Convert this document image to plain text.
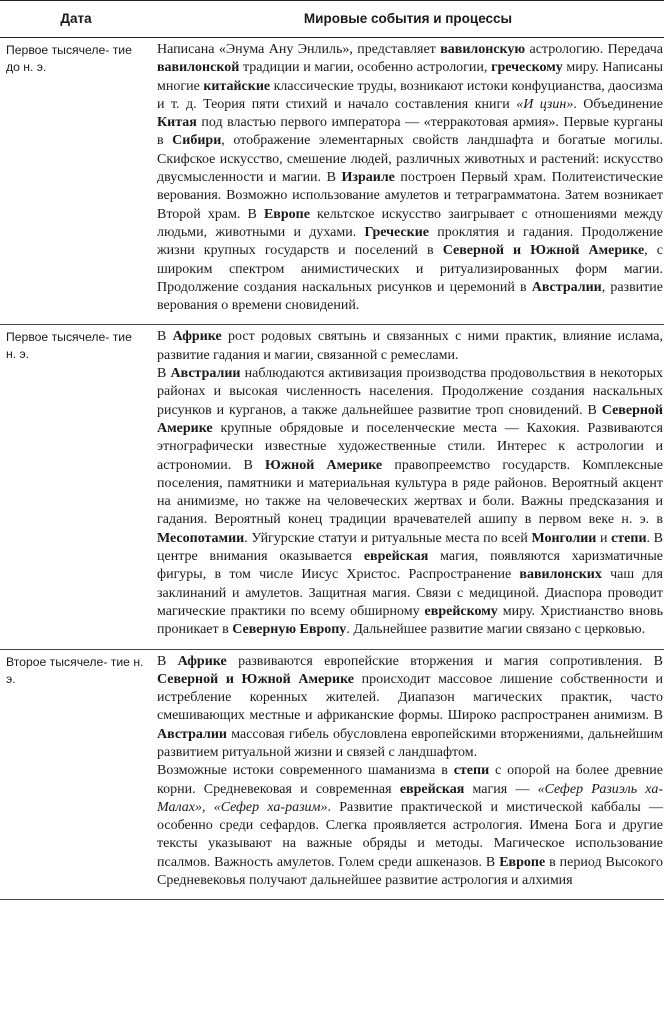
Дата	Мировые события и процессы
Первое тысячеле- тие до н. э.	Написана «Энума Ану Энлиль», представляет вавилонскую астрологию. Передача вавилонской традиции и магии, особенно астрологии, греческому миру. Написаны многие китайские классические труды, возникают истоки конфуцианства, даосизма и т. д. Теория пяти стихий и начало составления книги «И цзин». Объединение Китая под властью первого императора — «терракотовая армия». Первые курганы в Сибири, отображение элементарных свойств ландшафта и богатые могилы. Скифское искусство, смешение людей, различных животных и растений: искусство двусмысленности и магии. В Израиле построен Первый храм. Политеистические верования. Возможно использование амулетов и тетраграмматона. Затем возникает Второй храм. В Европе кельтское искусство заигрывает с отношениями между людьми, животными и духами. Греческие проклятия и гадания. Продолжение жизни крупных государств и поселений в Северной и Южной Америке, с широким спектром анимистических и ритуализированных форм магии. Продолжение создания наскальных рисунков и церемоний в Австралии, развитие верования о времени сновидений.

Первое тысячеле- тие н. э.	В Африке рост родовых святынь и связанных с ними практик, влияние ислама, развитие гадания и магии, связанной с ремеслами.
В Австралии наблюдаются активизация производства продовольствия в некоторых районах и высокая численность населения. Продолжение создания наскальных рисунков и курганов, а также дальнейшее развитие троп сновидений. В Северной Америке крупные обрядовые и поселенческие места — Кахокия. Развиваются этнографически известные художественные стили. Интерес к астрологии и астрономии. В Южной Америке правопреемство государств. Комплексные поселения, памятники и материальная культура в ряде районов. Вероятный акцент на анимизме, но также на человеческих жертвах и боли. Важны предсказания и гадания. Вероятный конец традиции врачевателей ашипу в первом веке н. э. в Месопотамии. Уйгурские статуи и ритуальные места по всей Монголии и степи. В центре внимания оказывается еврейская магия, появляются харизматичные фигуры, в том числе Иисус Христос. Распространение вавилонских чаш для заклинаний и амулетов. Защитная магия. Связи с медициной. Диаспора проводит магические практики по всему обширному еврейскому миру. Христианство вновь проникает в Северную Европу. Дальнейшее развитие магии связано с церковью.

Второе тысячеле- тие н. э.	В Африке развиваются европейские вторжения и магия сопротивления. В Северной и Южной Америке происходит массовое лишение собственности и истребление коренных жителей. Диапазон магических практик, часто смешивающих местные и африканские формы. Широко распространен анимизм. В Австралии массовая гибель обусловлена европейскими вторжениями, дальнейшим развитием ритуальной жизни и связей с ландшафтом.
Возможные истоки современного шаманизма в степи с опорой на более древние корни. Средневековая и современная еврейская магия — «Сефер Разиэль ха-Малах», «Сефер ха-разим». Развитие практической и мистической каббалы — особенно среди сефардов. Слегка проявляется астрология. Имена Бога и другие тексты указывают на важные обряды и методы. Магическое использование псалмов. Важность амулетов. Голем среди ашкеназов. В Европе в период Высокого Средневековья получают дальнейшее развитие астрология и алхимия
